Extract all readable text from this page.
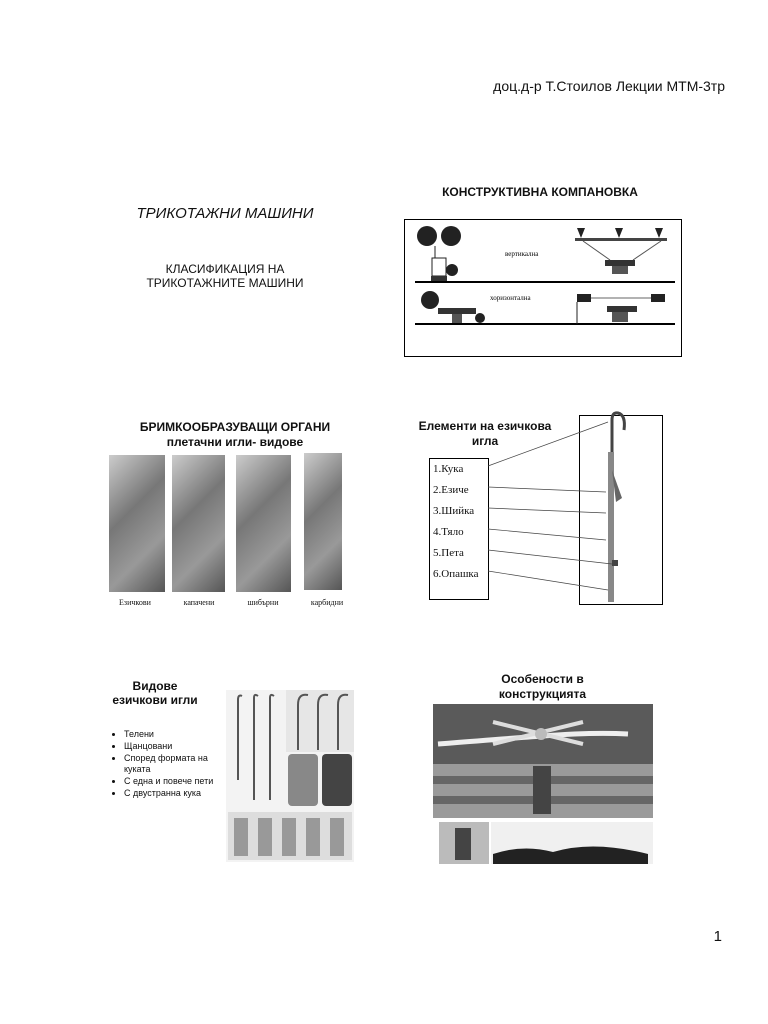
доц.д-р Т.Стоилов Лекции МТМ-3тр
ТРИКОТАЖНИ МАШИНИ
КЛАСИФИКАЦИЯ НА
ТРИКОТАЖНИТЕ МАШИНИ
КОНСТРУКТИВНА КОМПАНОВКА
вертикална
хоризонтална
БРИМКООБРАЗУВАЩИ ОРГАНИ
плетачни игли- видове
Езичкови	капачени	шибърни	карбидни
Елементи на езичкова
игла
1.Кука
2.Езиче
3.Шийка
4.Тяло
5.Пета
6.Опашка
Видове
езичкови игли
• Телени
• Щанцовани
• Според формата на куката
• С една и повече пети
• С двустранна кука
Особености в
конструкцията
1
